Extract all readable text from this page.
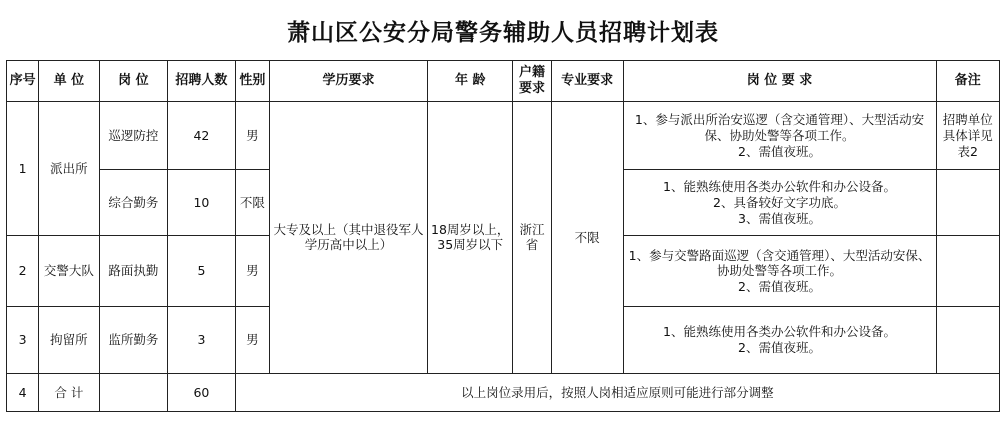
萧山区公安分局警务辅助人员招聘计划表
序号	单 位	岗 位	招聘人数	性别	学历要求	年 龄	户籍要求	专业要求	岗 位 要 求	备注
1	派出所	巡逻防控	42	男	大专及以上（其中退役军人学历高中以上）	18周岁以上，35周岁以下	浙江省	不限	1、参与派出所治安巡逻（含交通管理）、大型活动安保、协助处警等各项工作。
2、需值夜班。	招聘单位具体详见表2
		综合勤务	10	不限					1、能熟练使用各类办公软件和办公设备。
2、具备较好文字功底。
3、需值夜班。	

2	交警大队	路面执勤	5	男					1、参与交警路面巡逻（含交通管理）、大型活动安保、协助处警等各项工作。
2、需值夜班。	

3	拘留所	监所勤务	3	男					1、能熟练使用各类办公软件和办公设备。
2、需值夜班。	

4	合 计		60	以上岗位录用后，按照人岗相适应原则可能进行部分调整						
